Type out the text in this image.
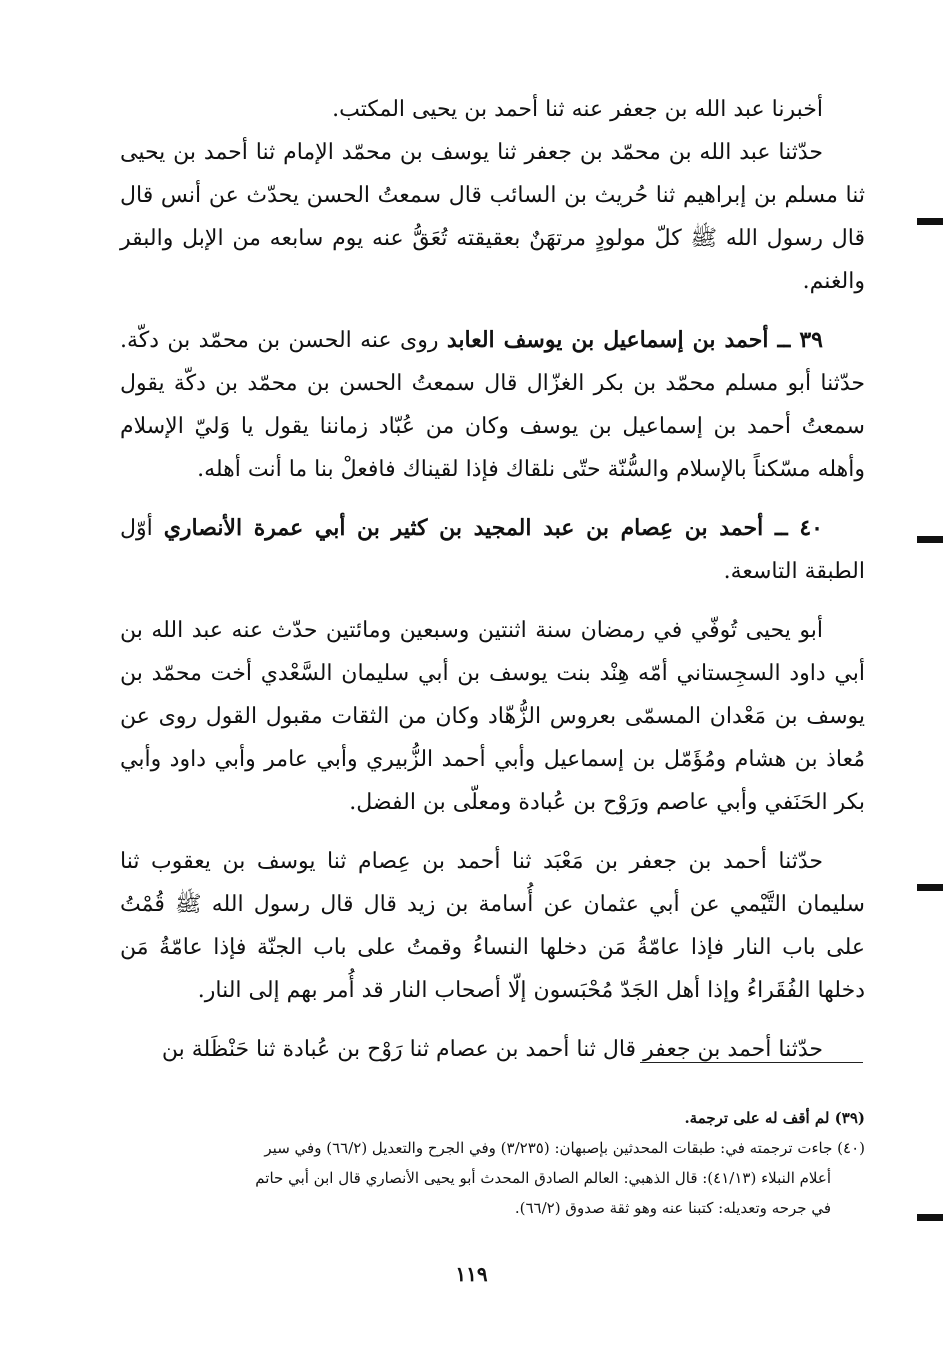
أخبرنا عبد الله بن جعفر عنه ثنا أحمد بن يحيى المكتب.

حدّثنا عبد الله بن محمّد بن جعفر ثنا يوسف بن محمّد الإمام ثنا أحمد بن يحيى ثنا مسلم بن إبراهيم ثنا حُريث بن السائب قال سمعتُ الحسن يحدّث عن أنس قال قال رسول الله ﷺ كلّ مولودٍ مرتهَنٌ بعقيقته تُعَقُّ عنه يوم سابعه من الإبل والبقر والغنم.

٣٩ ــ أحمد بن إسماعيل بن يوسف العابد روى عنه الحسن بن محمّد بن دكّة. حدّثنا أبو مسلم محمّد بن بكر الغزّال قال سمعتُ الحسن بن محمّد بن دكّة يقول سمعتُ أحمد بن إسماعيل بن يوسف وكان من عُبّاد زماننا يقول يا وَليّ الإسلام وأهله مسّكناً بالإسلام والسُّنّة حتّى نلقاك فإذا لقيناك فافعلْ بنا ما أنت أهله.

٤٠ ــ أحمد بن عِصام بن عبد المجيد بن كثير بن أبي عمرة الأنصاري أوّل الطبقة التاسعة.

أبو يحيى تُوفّي في رمضان سنة اثنتين وسبعين ومائتين حدّث عنه عبد الله بن أبي داود السجِستاني أمّه هِنْد بنت يوسف بن أبي سليمان السَّعْدي أخت محمّد بن يوسف بن مَعْدان المسمّى بعروس الزُّهّاد وكان من الثقات مقبول القول روى عن مُعاذ بن هشام ومُؤَمّل بن إسماعيل وأبي أحمد الزُّبيري وأبي عامر وأبي داود وأبي بكر الحَنَفي وأبي عاصم ورَوْح بن عُبادة ومعلّى بن الفضل.

حدّثنا أحمد بن جعفر بن مَعْبَد ثنا أحمد بن عِصام ثنا يوسف بن يعقوب ثنا سليمان التَّيْمي عن أبي عثمان عن أُسامة بن زيد قال قال رسول الله ﷺ قُمْتُ على باب النار فإذا عامّةُ مَن دخلها النساءُ وقمتُ على باب الجنّة فإذا عامّةُ مَن دخلها الفُقَراءُ وإذا أهل الجَدّ مُحْبَسون إلّا أصحاب النار قد أُمر بهم إلى النار.

حدّثنا أحمد بن جعفر قال ثنا أحمد بن عصام ثنا رَوْح بن عُبادة ثنا حَنْظَلة بن

(٣٩) لم أقف له على ترجمة.

(٤٠) جاءت ترجمته في: طبقات المحدثين بإصبهان: (٣/٢٣٥) وفي الجرح والتعديل (٦٦/٢) وفي سير

أعلام النبلاء (٤١/١٣): قال الذهبي: العالم الصادق المحدث أبو يحيى الأنصاري قال ابن أبي حاتم

في جرحه وتعديله: كتبنا عنه وهو ثقة صدوق (٦٦/٢).

١١٩
